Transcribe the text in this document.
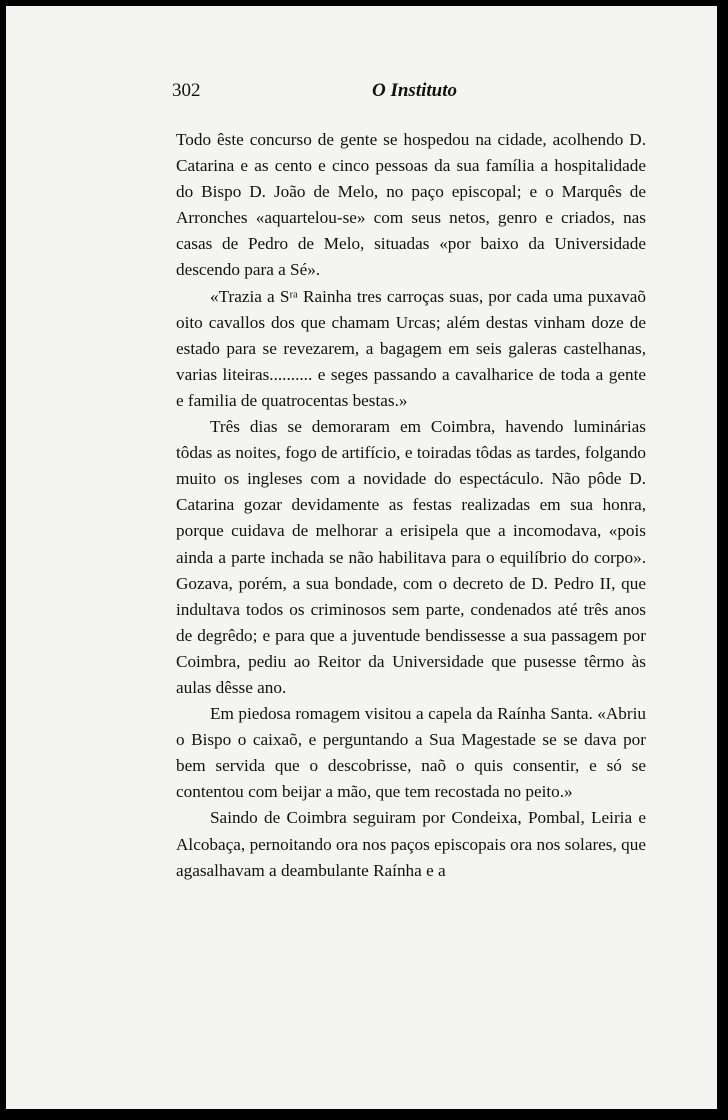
302	O Instituto

Todo êste concurso de gente se hospedou na cidade, acolhendo D. Catarina e as cento e cinco pessoas da sua família a hospitalidade do Bispo D. João de Melo, no paço episcopal; e o Marquês de Arronches «aquartelou-se» com seus netos, genro e criados, nas casas de Pedro de Melo, situadas «por baixo da Universidade descendo para a Sé».

«Trazia a Sʳᵃ Rainha tres carroças suas, por cada uma puxavaõ oito cavallos dos que chamam Urcas; além destas vinham doze de estado para se revezarem, a bagagem em seis galeras castelhanas, varias liteiras.......... e seges passando a cavalharice de toda a gente e familia de quatrocentas bestas.»

Três dias se demoraram em Coimbra, havendo luminárias tôdas as noites, fogo de artifício, e toiradas tôdas as tardes, folgando muito os ingleses com a novidade do espectáculo. Não pôde D. Catarina gozar devidamente as festas realizadas em sua honra, porque cuidava de melhorar a erisipela que a incomodava, «pois ainda a parte inchada se não habilitava para o equilíbrio do corpo». Gozava, porém, a sua bondade, com o decreto de D. Pedro II, que indultava todos os criminosos sem parte, condenados até três anos de degrêdo; e para que a juventude bendissesse a sua passagem por Coimbra, pediu ao Reitor da Universidade que pusesse têrmo às aulas dêsse ano.

Em piedosa romagem visitou a capela da Raínha Santa. «Abriu o Bispo o caixaõ, e perguntando a Sua Magestade se se dava por bem servida que o descobrisse, naõ o quis consentir, e só se contentou com beijar a mão, que tem recostada no peito.»

Saindo de Coimbra seguiram por Condeixa, Pombal, Leiria e Alcobaça, pernoitando ora nos paços episcopais ora nos solares, que agasalhavam a deambulante Raínha e a
